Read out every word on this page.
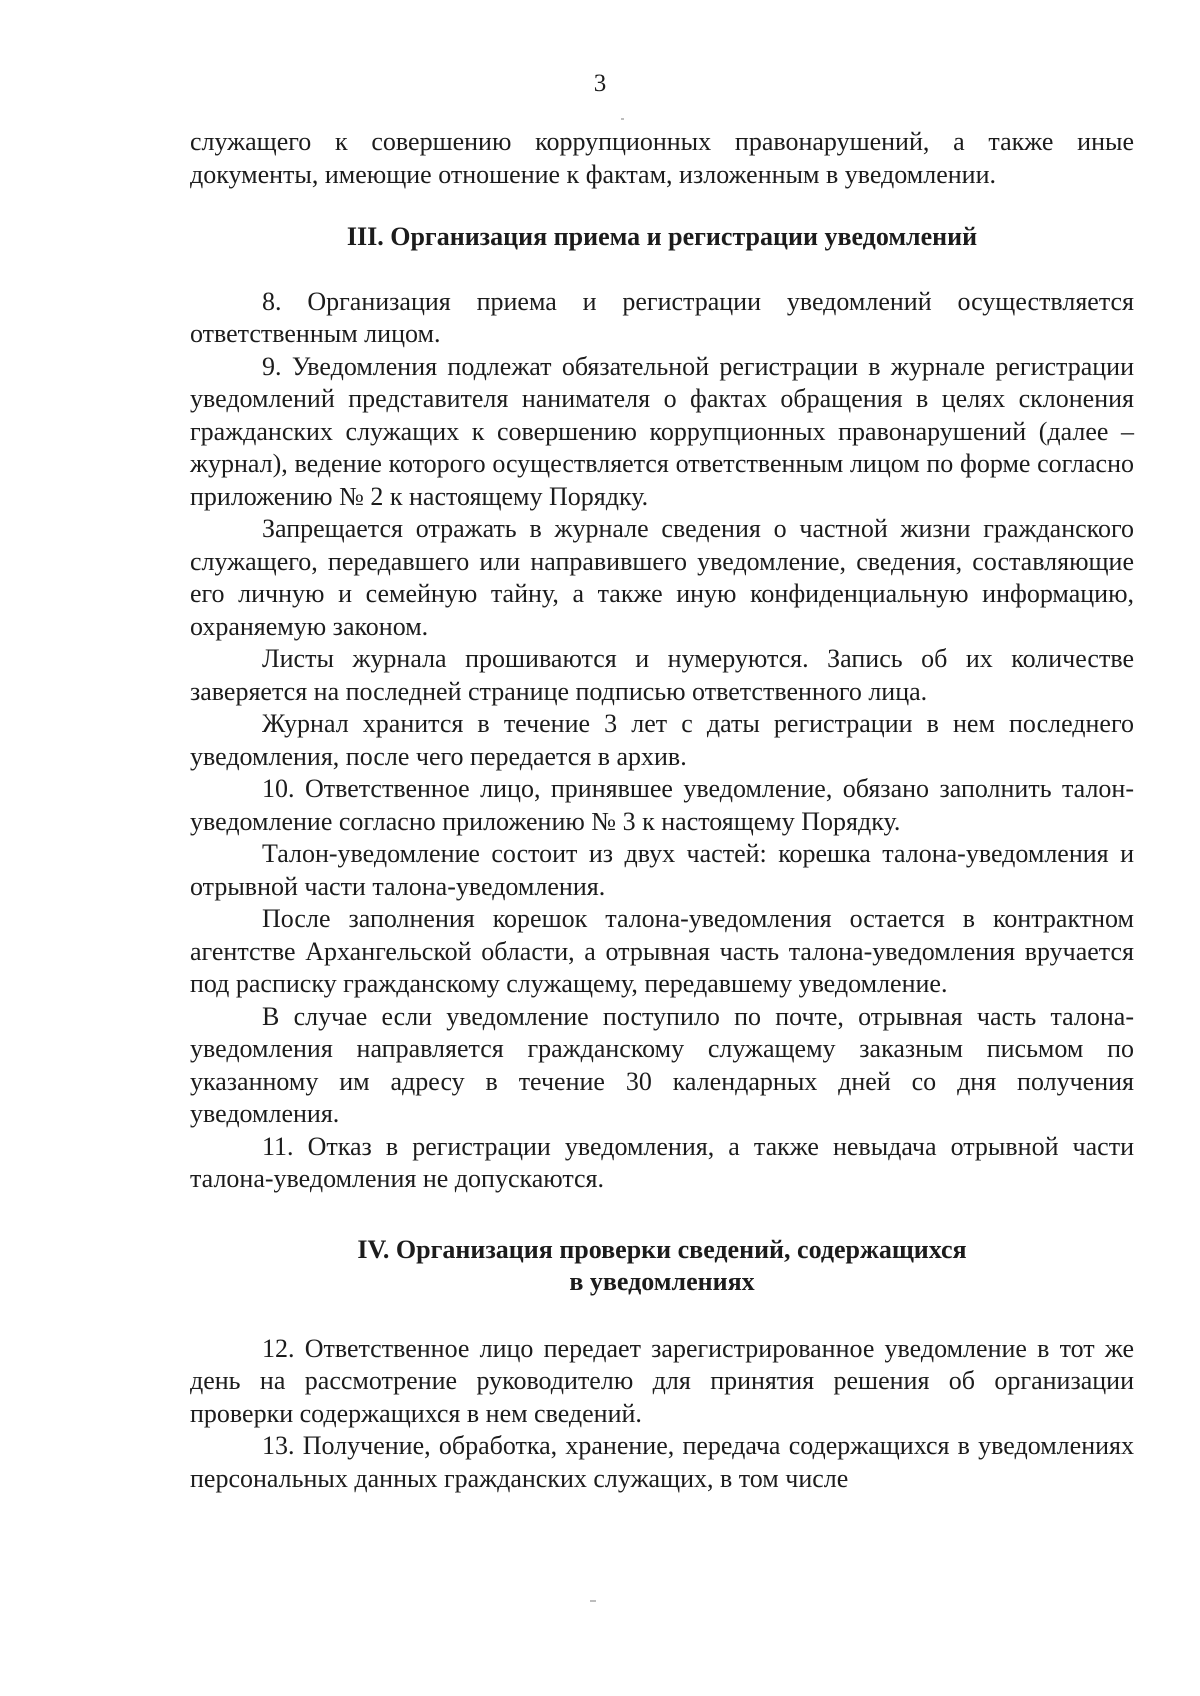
3

служащего к совершению коррупционных правонарушений, а также иные документы, имеющие отношение к фактам, изложенным в уведомлении.

III. Организация приема и регистрации уведомлений

8. Организация приема и регистрации уведомлений осуществляется ответственным лицом.

9. Уведомления подлежат обязательной регистрации в журнале регистрации уведомлений представителя нанимателя о фактах обращения в целях склонения гражданских служащих к совершению коррупционных правонарушений (далее – журнал), ведение которого осуществляется ответственным лицом по форме согласно приложению № 2 к настоящему Порядку.

Запрещается отражать в журнале сведения о частной жизни гражданского служащего, передавшего или направившего уведомление, сведения, составляющие его личную и семейную тайну, а также иную конфиденциальную информацию, охраняемую законом.

Листы журнала прошиваются и нумеруются. Запись об их количестве заверяется на последней странице подписью ответственного лица.

Журнал хранится в течение 3 лет с даты регистрации в нем последнего уведомления, после чего передается в архив.

10. Ответственное лицо, принявшее уведомление, обязано заполнить талон-уведомление согласно приложению № 3 к настоящему Порядку.

Талон-уведомление состоит из двух частей: корешка талона-уведомления и отрывной части талона-уведомления.

После заполнения корешок талона-уведомления остается в контрактном агентстве Архангельской области, а отрывная часть талона-уведомления вручается под расписку гражданскому служащему, передавшему уведомление.

В случае если уведомление поступило по почте, отрывная часть талона-уведомления направляется гражданскому служащему заказным письмом по указанному им адресу в течение 30 календарных дней со дня получения уведомления.

11. Отказ в регистрации уведомления, а также невыдача отрывной части талона-уведомления не допускаются.

IV. Организация проверки сведений, содержащихся
в уведомлениях

12. Ответственное лицо передает зарегистрированное уведомление в тот же день на рассмотрение руководителю для принятия решения об организации проверки содержащихся в нем сведений.

13. Получение, обработка, хранение, передача содержащихся в уведомлениях персональных данных гражданских служащих, в том числе
